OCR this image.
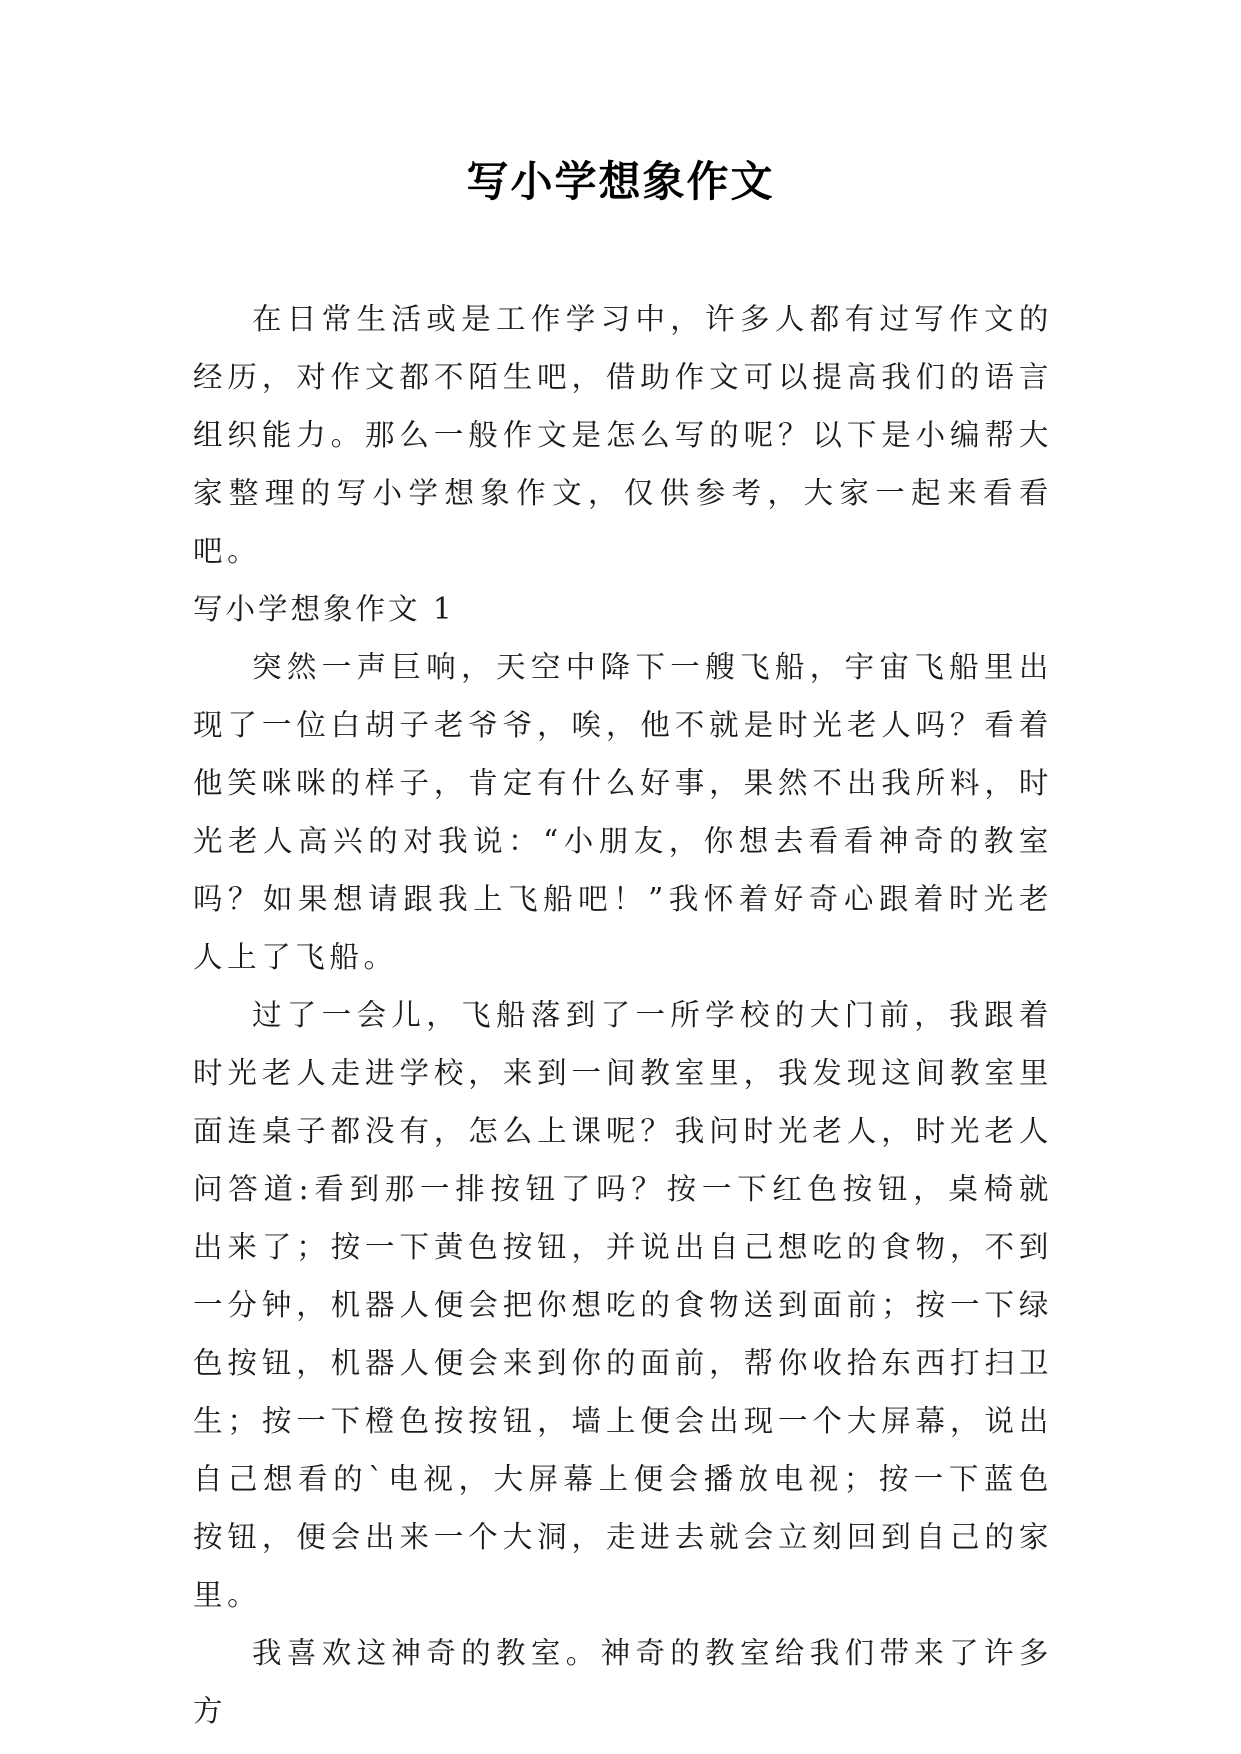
写小学想象作文

在日常生活或是工作学习中，许多人都有过写作文的经历，对作文都不陌生吧，借助作文可以提高我们的语言组织能力。那么一般作文是怎么写的呢？以下是小编帮大家整理的写小学想象作文，仅供参考，大家一起来看看吧。

写小学想象作文 1

突然一声巨响，天空中降下一艘飞船，宇宙飞船里出现了一位白胡子老爷爷，唉，他不就是时光老人吗？看着他笑咪咪的样子，肯定有什么好事，果然不出我所料，时光老人高兴的对我说：“小朋友，你想去看看神奇的教室吗？如果想请跟我上飞船吧！”我怀着好奇心跟着时光老人上了飞船。

过了一会儿，飞船落到了一所学校的大门前，我跟着时光老人走进学校，来到一间教室里，我发现这间教室里面连桌子都没有，怎么上课呢？我问时光老人，时光老人问答道:看到那一排按钮了吗？按一下红色按钮，桌椅就出来了；按一下黄色按钮，并说出自己想吃的食物，不到一分钟，机器人便会把你想吃的食物送到面前；按一下绿色按钮，机器人便会来到你的面前，帮你收拾东西打扫卫生；按一下橙色按按钮，墙上便会出现一个大屏幕，说出自己想看的`电视，大屏幕上便会播放电视；按一下蓝色按钮，便会出来一个大洞，走进去就会立刻回到自己的家里。

我喜欢这神奇的教室。神奇的教室给我们带来了许多方
